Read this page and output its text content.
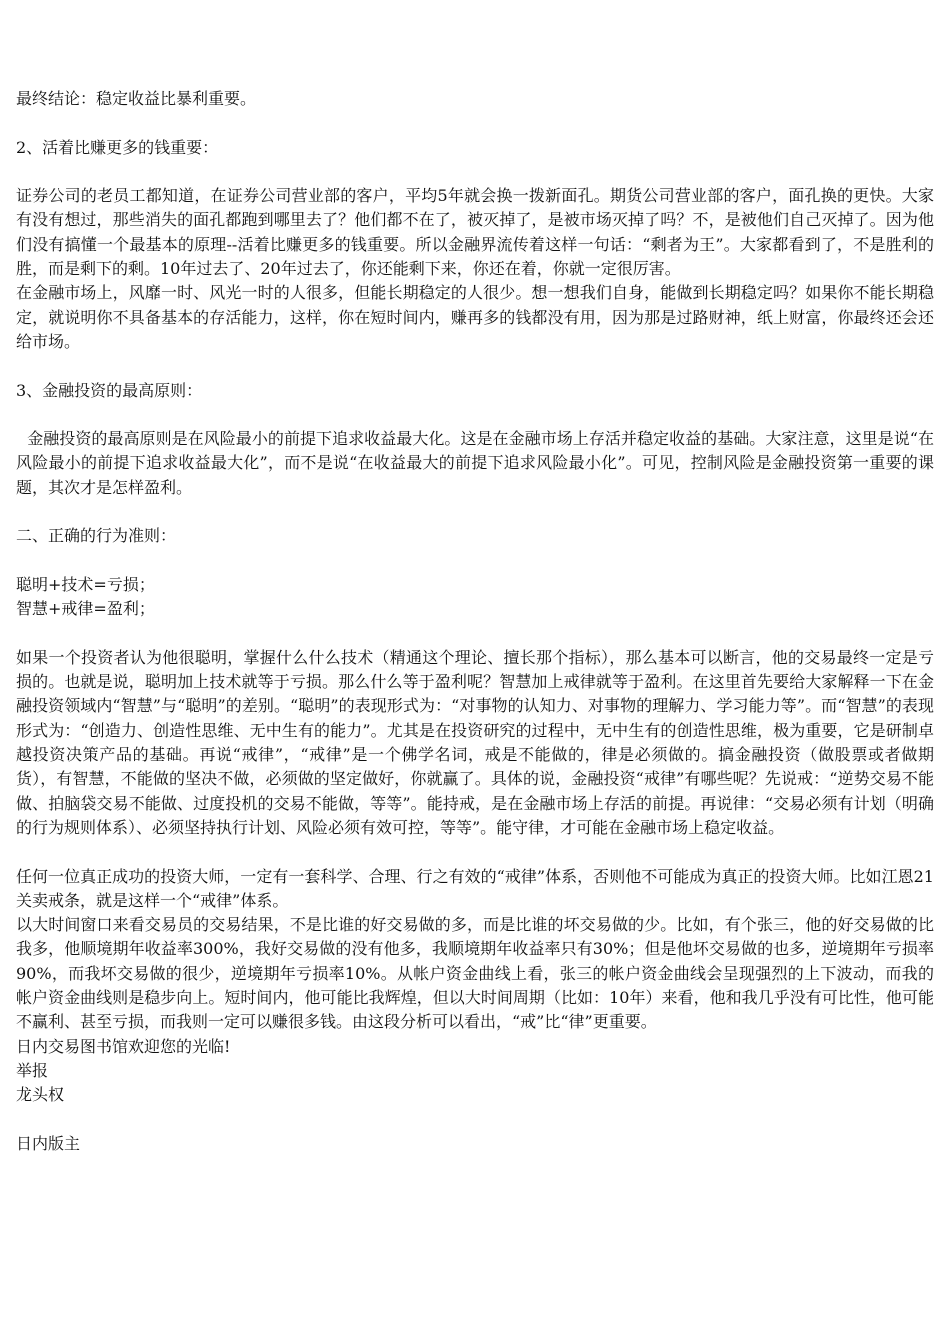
最终结论：稳定收益比暴利重要。

2、活着比赚更多的钱重要：

证券公司的老员工都知道，在证券公司营业部的客户，平均5年就会换一拨新面孔。期货公司营业部的客户，面孔换的更快。大家有没有想过，那些消失的面孔都跑到哪里去了？他们都不在了，被灭掉了，是被市场灭掉了吗？不，是被他们自己灭掉了。因为他们没有搞懂一个最基本的原理--活着比赚更多的钱重要。所以金融界流传着这样一句话：“剩者为王”。大家都看到了，不是胜利的胜，而是剩下的剩。10年过去了、20年过去了，你还能剩下来，你还在着，你就一定很厉害。

在金融市场上，风靡一时、风光一时的人很多，但能长期稳定的人很少。想一想我们自身，能做到长期稳定吗？如果你不能长期稳定，就说明你不具备基本的存活能力，这样，你在短时间内，赚再多的钱都没有用，因为那是过路财神，纸上财富，你最终还会还给市场。

3、金融投资的最高原则：

金融投资的最高原则是在风险最小的前提下追求收益最大化。这是在金融市场上存活并稳定收益的基础。大家注意，这里是说“在风险最小的前提下追求收益最大化”，而不是说“在收益最大的前提下追求风险最小化”。可见，控制风险是金融投资第一重要的课题，其次才是怎样盈利。

二、正确的行为准则：

聪明+技术=亏损；

智慧+戒律=盈利；

如果一个投资者认为他很聪明，掌握什么什么技术（精通这个理论、擅长那个指标），那么基本可以断言，他的交易最终一定是亏损的。也就是说，聪明加上技术就等于亏损。那么什么等于盈利呢？智慧加上戒律就等于盈利。在这里首先要给大家解释一下在金融投资领域内“智慧”与“聪明”的差别。“聪明”的表现形式为：“对事物的认知力、对事物的理解力、学习能力等”。而“智慧”的表现形式为：“创造力、创造性思维、无中生有的能力”。尤其是在投资研究的过程中，无中生有的创造性思维，极为重要，它是研制卓越投资决策产品的基础。再说“戒律”，“戒律”是一个佛学名词，戒是不能做的，律是必须做的。搞金融投资（做股票或者做期货），有智慧，不能做的坚决不做，必须做的坚定做好，你就赢了。具体的说，金融投资“戒律”有哪些呢？先说戒：“逆势交易不能做、拍脑袋交易不能做、过度投机的交易不能做，等等”。能持戒，是在金融市场上存活的前提。再说律：“交易必须有计划（明确的行为规则体系）、必须坚持执行计划、风险必须有效可控，等等”。能守律，才可能在金融市场上稳定收益。

任何一位真正成功的投资大师，一定有一套科学、合理、行之有效的“戒律”体系，否则他不可能成为真正的投资大师。比如江恩21关卖戒条，就是这样一个“戒律”体系。

以大时间窗口来看交易员的交易结果，不是比谁的好交易做的多，而是比谁的坏交易做的少。比如，有个张三，他的好交易做的比我多，他顺境期年收益率300%，我好交易做的没有他多，我顺境期年收益率只有30%；但是他坏交易做的也多，逆境期年亏损率90%，而我坏交易做的很少，逆境期年亏损率10%。从帐户资金曲线上看，张三的帐户资金曲线会呈现强烈的上下波动，而我的帐户资金曲线则是稳步向上。短时间内，他可能比我辉煌，但以大时间周期（比如：10年）来看，他和我几乎没有可比性，他可能不赢利、甚至亏损，而我则一定可以赚很多钱。由这段分析可以看出，“戒”比“律”更重要。

日内交易图书馆欢迎您的光临!

举报

龙头权

日内版主
